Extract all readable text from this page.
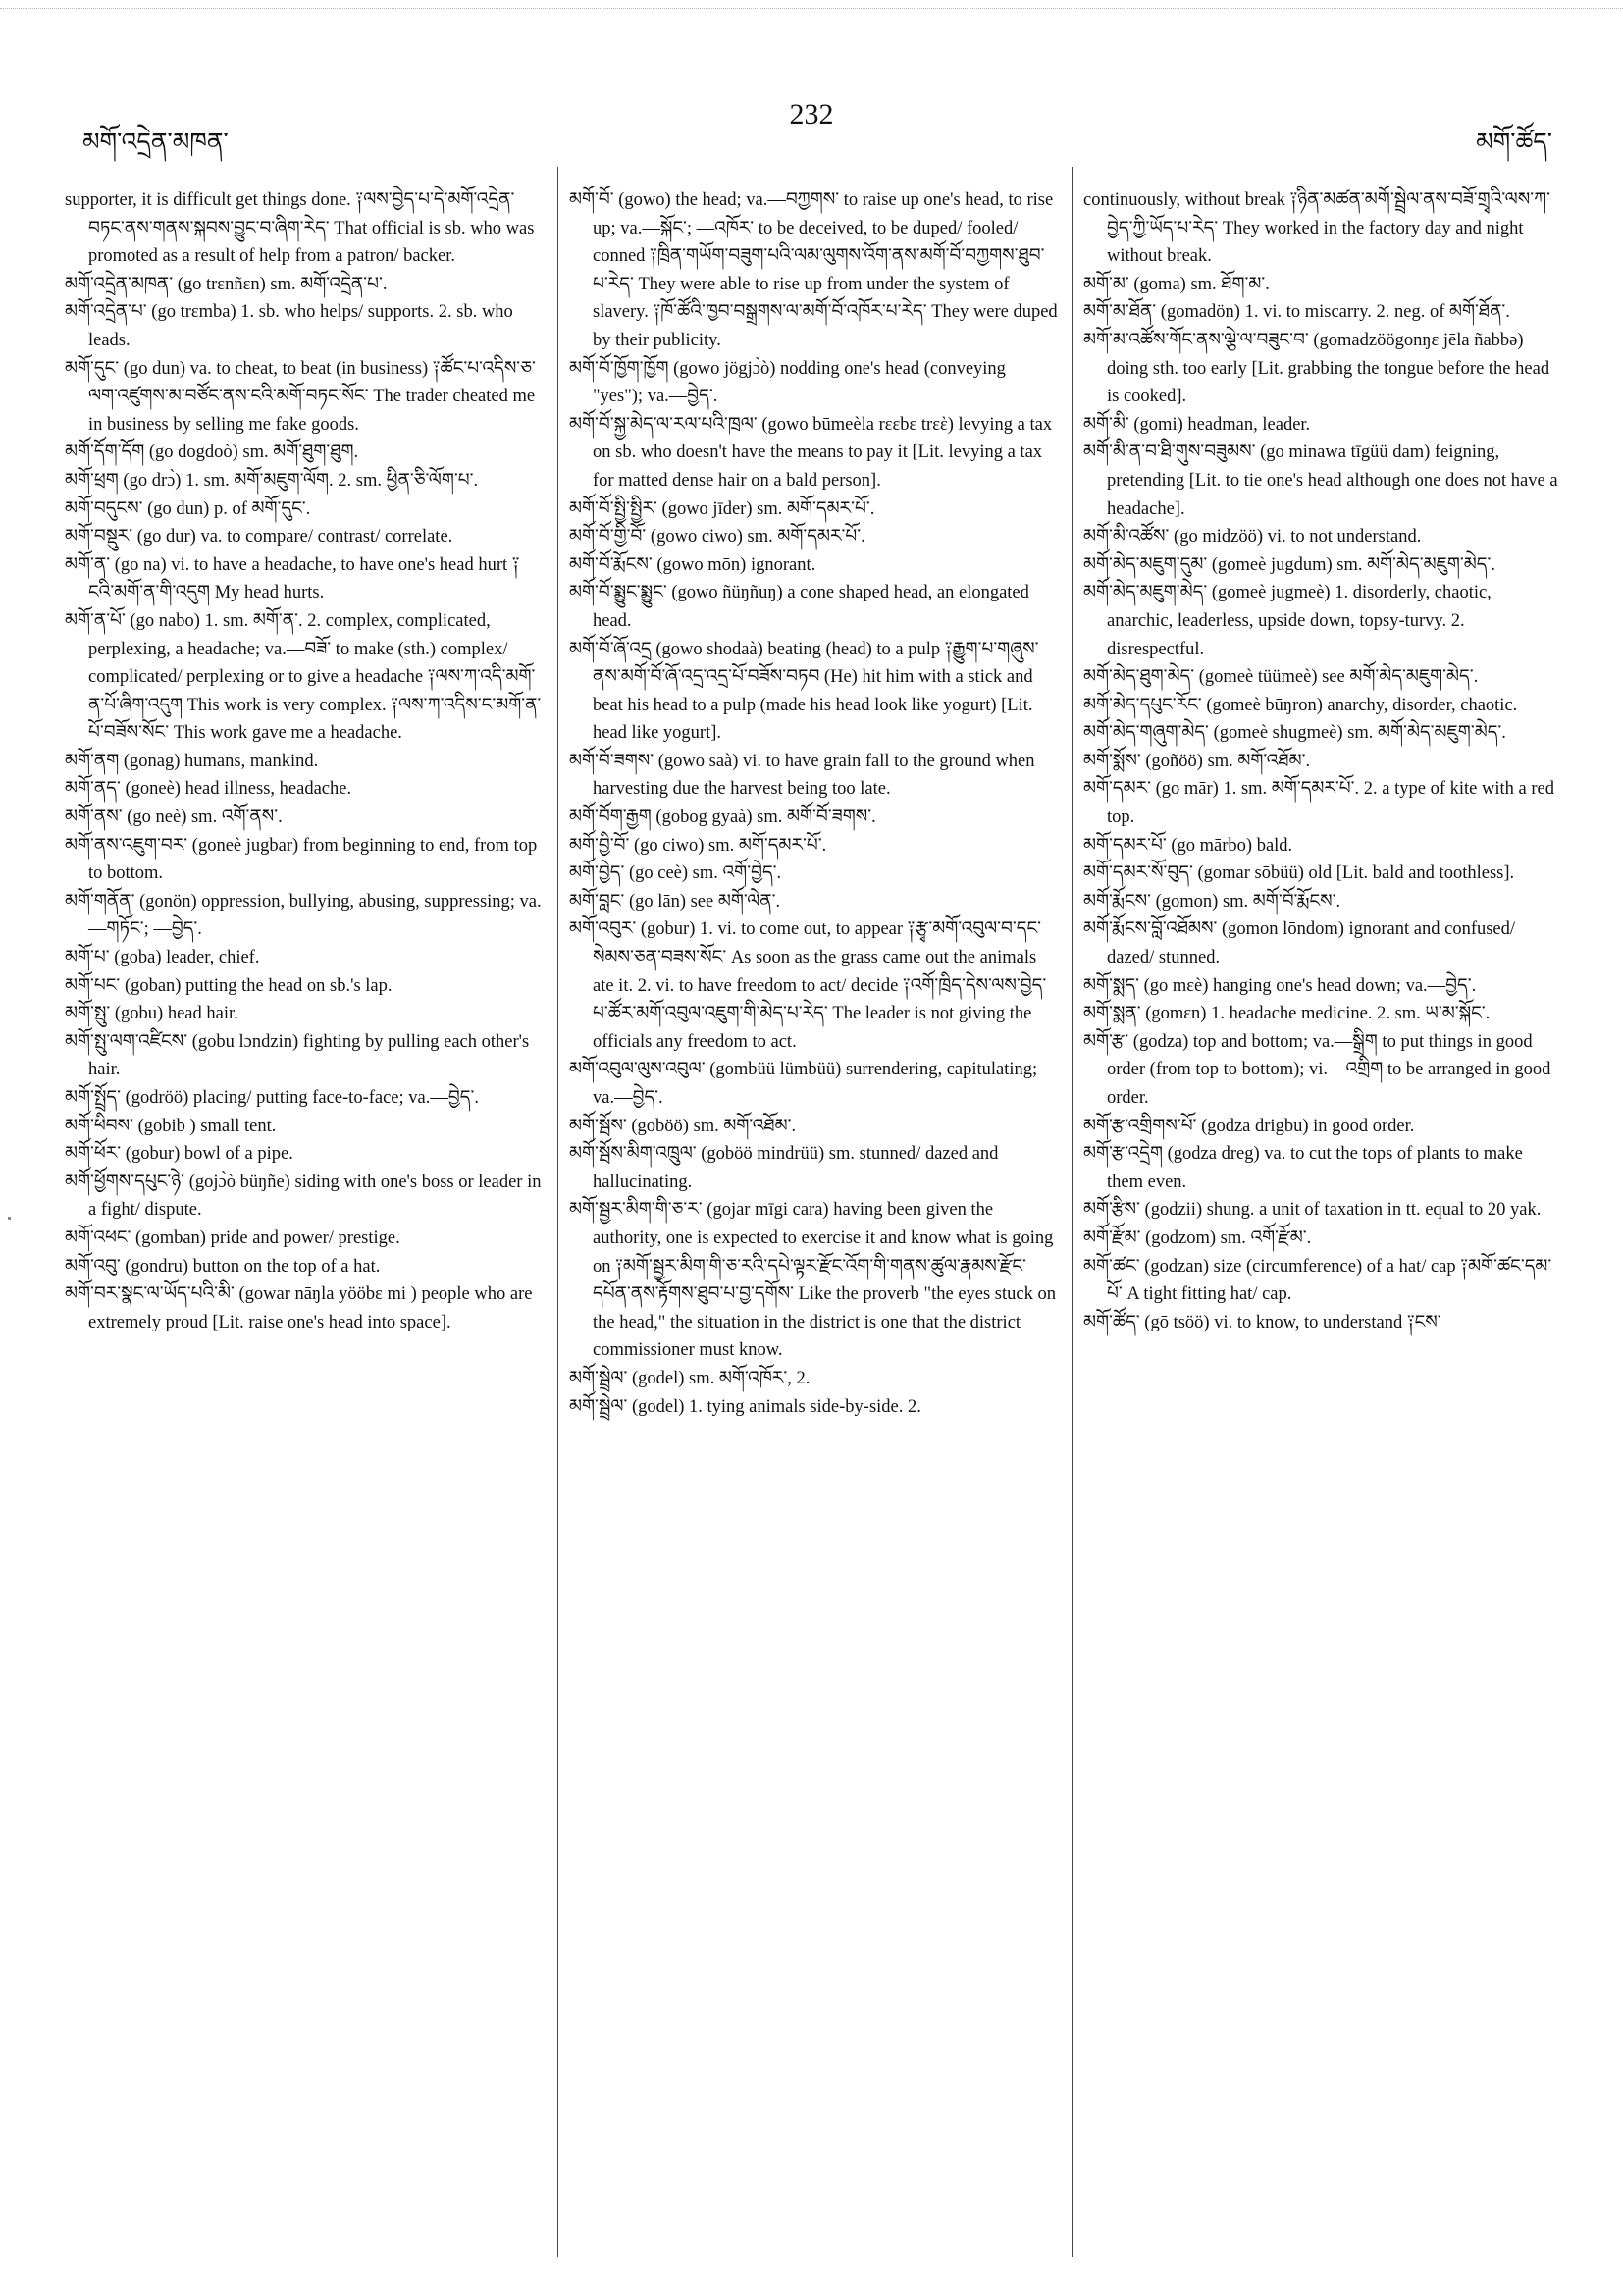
མགོ་འདྲེན་མཁན་
232
མགོ་ཚོད་

supporter, it is difficult get things done. ༑ལས་བྱེད་པ་དེ་མགོ་འདྲེན་བཏང་ནས་གནས་སྐབས་བྱུང་བ་ཞིག་རེད་ That official is sb. who was promoted as a result of help from a patron/ backer.

མགོ་འདྲེན་མཁན་ (go trεnñεn) sm. མགོ་འདྲེན་པ་.

མགོ་འདྲེན་པ་ (go trεmba) 1. sb. who helps/ supports. 2. sb. who leads.

མགོ་དུང་ (go dun) va. to cheat, to beat (in business) ༑ཚོང་པ་འདིས་ཅ་ལག་འཛུགས་མ་བཙོང་ནས་ངའི་མགོ་བཏང་སོང་ The trader cheated me in business by selling me fake goods.

མགོ་དོག་དོག (go dogdoò) sm. མགོ་ཐུག་ཐུག.

མགོ་ཕྲག (go drɔ̀) 1. sm. མགོ་མཇུག་ལོག. 2. sm. ཕྱིན་ཅི་ལོག་པ་.

མགོ་བདུངས་ (go dun) p. of མགོ་དུང་.

མགོ་བསྡུར་ (go dur) va. to compare/ contrast/ correlate.

མགོ་ན་ (go na) vi. to have a headache, to have one's head hurt ༑ངའི་མགོ་ན་གི་འདུག My head hurts.

མགོ་ན་པོ་ (go nabo) 1. sm. མགོ་ན་. 2. complex, complicated, perplexing, a headache; va.—བཟོ་ to make (sth.) complex/ complicated/ perplexing or to give a headache ༑ལས་ཀ་འདི་མགོ་ན་པོ་ཞིག་འདུག This work is very complex. ༑ལས་ཀ་འདིས་ང་མགོ་ན་པོ་བཟོས་སོང་ This work gave me a headache.

མགོ་ནག (gonag) humans, mankind.

མགོ་ནད་ (goneè) head illness, headache.

མགོ་ནས་ (go neè) sm. འགོ་ནས་.

མགོ་ནས་འཇུག་བར་ (goneè jugbar) from beginning to end, from top to bottom.

མགོ་གནོན་ (gonön) oppression, bullying, abusing, suppressing; va.—གཏོང་; —བྱེད་.

མགོ་པ་ (goba) leader, chief.

མགོ་པང་ (goban) putting the head on sb.'s lap.

མགོ་སྤུ་ (gobu) head hair.

མགོ་སྤུ་ལག་འཛིངས་ (gobu lɔndzin) fighting by pulling each other's hair.

མགོ་སྤྲོད་ (godröö) placing/ putting face-to-face; va.—བྱེད་.

མགོ་ཕིབས་ (gobib ) small tent.

མགོ་ཕོར་ (gobur) bowl of a pipe.

མགོ་ཕྱོགས་དཔུང་ཉེ་ (gojɔ̀ò büŋñe) siding with one's boss or leader in a fight/ dispute.

མགོ་འཕང་ (gomban) pride and power/ prestige.

མགོ་འབུ་ (gondru) button on the top of a hat.

མགོ་བར་སྣང་ལ་ཡོད་པའི་མི་ (gowar nāŋla yööbε mi ) people who are extremely proud [Lit. raise one's head into space].

མགོ་བོ་ (gowo) the head; va.—བཀྱགས་ to raise up one's head, to rise up; va.—སྐོང་; —འཁོར་ to be deceived, to be duped/ fooled/ conned ༑ཁྲིན་གཡོག་བཟུག་པའི་ལམ་ལུགས་འོག་ནས་མགོ་བོ་བཀྱགས་ཐུབ་པ་རེད་ They were able to rise up from under the system of slavery. ༑ཁོ་ཚོའི་ཁྱབ་བསྒྲགས་ལ་མགོ་བོ་འཁོར་པ་རེད་ They were duped by their publicity.

མགོ་བོ་ཁྱོག་ཁྱོག (gowo jögjɔ̀ò) nodding one's head (conveying "yes"); va.—བྱེད་.

མགོ་བོ་སྐྱ་མེད་ལ་རལ་པའི་ཁྲལ་ (gowo būmeèla rεεbε trεὲ) levying a tax on sb. who doesn't have the means to pay it [Lit. levying a tax for matted dense hair on a bald person].

མགོ་བོ་སྤྱི་སྤྱིར་ (gowo jīder) sm. མགོ་དམར་པོ་.

མགོ་བོ་གྱི་བོ་ (gowo ciwo) sm. མགོ་དམར་པོ་.

མགོ་བོ་རྨོངས་ (gowo mōn) ignorant.

མགོ་བོ་སྨྱུང་སྨྱུང་ (gowo ñüŋñuŋ) a cone shaped head, an elongated head.

མགོ་བོ་ཞོ་འདྲ (gowo shodaà) beating (head) to a pulp ༑རྒྱུག་པ་གཞུས་ནས་མགོ་བོ་ཞོ་འདྲ་འདྲ་པོ་བཟོས་བཏབ (He) hit him with a stick and beat his head to a pulp (made his head look like yogurt) [Lit. head like yogurt].

མགོ་བོ་ཟགས་ (gowo saà) vi. to have grain fall to the ground when harvesting due the harvest being too late.

མགོ་བོག་རྒྱག (gobog gyaà) sm. མགོ་བོ་ཟགས་.

མགོ་བྱི་བོ་ (go ciwo) sm. མགོ་དམར་པོ་.

མགོ་བྱེད་ (go ceè) sm. འགོ་བྱེད་.

མགོ་བླང་ (go lān) see མགོ་ལེན་.

མགོ་འབུར་ (gobur) 1. vi. to come out, to appear ༑རྩྭ་མགོ་འབུལ་བ་དང་སེམས་ཅན་བཟས་སོང་ As soon as the grass came out the animals ate it. 2. vi. to have freedom to act/ decide ༑འགོ་ཁྲིད་དེས་ལས་བྱེད་པ་ཚོར་མགོ་འབུལ་འཇུག་གི་མེད་པ་རེད་ The leader is not giving the officials any freedom to act.

མགོ་འབུལ་ལུས་འབུལ་ (gombüü lümbüü) surrendering, capitulating; va.—བྱེད་.

མགོ་སྦོས་ (goböö) sm. མགོ་འཐོམ་.

མགོ་སྦོས་མིག་འཁྲུལ་ (goböö mindrüü) sm. stunned/ dazed and hallucinating.

མགོ་སྦྱར་མིག་གི་ཅ་ར་ (gojar mīgi cara) having been given the authority, one is expected to exercise it and know what is going on ༑མགོ་སྦྱར་མིག་གི་ཅ་རའི་དཔེ་ལྟར་རྫོང་འོག་གི་གནས་ཚུལ་རྣམས་རྫོང་དཔོན་ནས་རྟོགས་ཐུབ་པ་བྱ་དགོས་ Like the proverb "the eyes stuck on the head," the situation in the district is one that the district commissioner must know.

མགོ་སྦྲེལ་ (godel) sm. མགོ་འཁོར་, 2.

མགོ་སྦྲེལ་ (godel) 1. tying animals side-by-side. 2.

continuously, without break ༑ཉིན་མཚན་མགོ་སྦྲེལ་ནས་བཟོ་གྲྭའི་ལས་ཀ་བྱེད་ཀྱི་ཡོད་པ་རེད་ They worked in the factory day and night without break.

མགོ་མ་ (goma) sm. ཐོག་མ་.

མགོ་མ་ཐོན་ (gomadön) 1. vi. to miscarry. 2. neg. of མགོ་ཐོན་.

མགོ་མ་འཚོས་གོང་ནས་ལྕེ་ལ་བཟུང་བ་ (gomadzöögonŋε jēla ñabbə) doing sth. too early [Lit. grabbing the tongue before the head is cooked].

མགོ་མི་ (gomi) headman, leader.

མགོ་མི་ན་བ་ཐི་གུས་བཟུམས་ (go minawa tīgüü dam) feigning, pretending [Lit. to tie one's head although one does not have a headache].

མགོ་མི་འཚོས་ (go midzöö) vi. to not understand.

མགོ་མེད་མཇུག་དུམ་ (gomeè jugdum) sm. མགོ་མེད་མཇུག་མེད་.

མགོ་མེད་མཇུག་མེད་ (gomeè jugmeè) 1. disorderly, chaotic, anarchic, leaderless, upside down, topsy-turvy. 2. disrespectful.

མགོ་མེད་ཐུག་མེད་ (gomeè tüümeè) see མགོ་མེད་མཇུག་མེད་.

མགོ་མེད་དཔུང་རོང་ (gomeè būŋron) anarchy, disorder, chaotic.

མགོ་མེད་གཞུག་མེད་ (gomeè shugmeè) sm. མགོ་མེད་མཇུག་མེད་.

མགོ་སྨོས་ (goñöö) sm. མགོ་འཐོམ་.

མགོ་དམར་ (go mār) 1. sm. མགོ་དམར་པོ་. 2. a type of kite with a red top.

མགོ་དམར་པོ་ (go mārbo) bald.

མགོ་དམར་སོ་བུད་ (gomar sōbüü) old [Lit. bald and toothless].

མགོ་རྨོངས་ (gomon) sm. མགོ་བོ་རྨོངས་.

མགོ་རྨོངས་བློ་འཐོམས་ (gomon lōndom) ignorant and confused/ dazed/ stunned.

མགོ་སྨད་ (go mεè) hanging one's head down; va.—བྱེད་.

མགོ་སྨན་ (gomεn) 1. headache medicine. 2. sm. ཡ་མ་སྐོང་.

མགོ་རྩ་ (godza) top and bottom; va.—སྒྲིག to put things in good order (from top to bottom); vi.—འགྲིག to be arranged in good order.

མགོ་རྩ་འགྲིགས་པོ་ (godza drigbu) in good order.

མགོ་རྩ་འདྲེག (godza dreg) va. to cut the tops of plants to make them even.

མགོ་རྩིས་ (godzii) shung. a unit of taxation in tt. equal to 20 yak.

མགོ་རྫོམ་ (godzom) sm. འགོ་རྫོམ་.

མགོ་ཚང་ (godzan) size (circumference) of a hat/ cap ༑མགོ་ཚང་དམ་པོ་ A tight fitting hat/ cap.

མགོ་ཚོད་ (gō tsöö) vi. to know, to understand ༑ངས་
